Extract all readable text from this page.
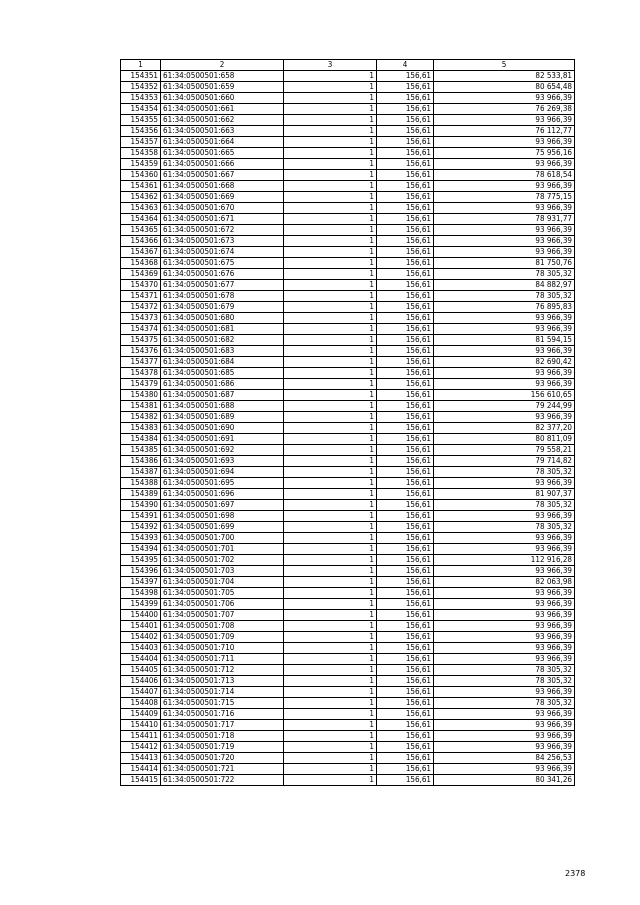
1	2	3	4	5
154351	61:34:0500501:658	1	156,61	82 533,81
154352	61:34:0500501:659	1	156,61	80 654,48
154353	61:34:0500501:660	1	156,61	93 966,39
154354	61:34:0500501:661	1	156,61	76 269,38
154355	61:34:0500501:662	1	156,61	93 966,39
154356	61:34:0500501:663	1	156,61	76 112,77
154357	61:34:0500501:664	1	156,61	93 966,39
154358	61:34:0500501:665	1	156,61	75 956,16
154359	61:34:0500501:666	1	156,61	93 966,39
154360	61:34:0500501:667	1	156,61	78 618,54
154361	61:34:0500501:668	1	156,61	93 966,39
154362	61:34:0500501:669	1	156,61	78 775,15
154363	61:34:0500501:670	1	156,61	93 966,39
154364	61:34:0500501:671	1	156,61	78 931,77
154365	61:34:0500501:672	1	156,61	93 966,39
154366	61:34:0500501:673	1	156,61	93 966,39
154367	61:34:0500501:674	1	156,61	93 966,39
154368	61:34:0500501:675	1	156,61	81 750,76
154369	61:34:0500501:676	1	156,61	78 305,32
154370	61:34:0500501:677	1	156,61	84 882,97
154371	61:34:0500501:678	1	156,61	78 305,32
154372	61:34:0500501:679	1	156,61	76 895,83
154373	61:34:0500501:680	1	156,61	93 966,39
154374	61:34:0500501:681	1	156,61	93 966,39
154375	61:34:0500501:682	1	156,61	81 594,15
154376	61:34:0500501:683	1	156,61	93 966,39
154377	61:34:0500501:684	1	156,61	82 690,42
154378	61:34:0500501:685	1	156,61	93 966,39
154379	61:34:0500501:686	1	156,61	93 966,39
154380	61:34:0500501:687	1	156,61	156 610,65
154381	61:34:0500501:688	1	156,61	79 244,99
154382	61:34:0500501:689	1	156,61	93 966,39
154383	61:34:0500501:690	1	156,61	82 377,20
154384	61:34:0500501:691	1	156,61	80 811,09
154385	61:34:0500501:692	1	156,61	79 558,21
154386	61:34:0500501:693	1	156,61	79 714,82
154387	61:34:0500501:694	1	156,61	78 305,32
154388	61:34:0500501:695	1	156,61	93 966,39
154389	61:34:0500501:696	1	156,61	81 907,37
154390	61:34:0500501:697	1	156,61	78 305,32
154391	61:34:0500501:698	1	156,61	93 966,39
154392	61:34:0500501:699	1	156,61	78 305,32
154393	61:34:0500501:700	1	156,61	93 966,39
154394	61:34:0500501:701	1	156,61	93 966,39
154395	61:34:0500501:702	1	156,61	112 916,28
154396	61:34:0500501:703	1	156,61	93 966,39
154397	61:34:0500501:704	1	156,61	82 063,98
154398	61:34:0500501:705	1	156,61	93 966,39
154399	61:34:0500501:706	1	156,61	93 966,39
154400	61:34:0500501:707	1	156,61	93 966,39
154401	61:34:0500501:708	1	156,61	93 966,39
154402	61:34:0500501:709	1	156,61	93 966,39
154403	61:34:0500501:710	1	156,61	93 966,39
154404	61:34:0500501:711	1	156,61	93 966,39
154405	61:34:0500501:712	1	156,61	78 305,32
154406	61:34:0500501:713	1	156,61	78 305,32
154407	61:34:0500501:714	1	156,61	93 966,39
154408	61:34:0500501:715	1	156,61	78 305,32
154409	61:34:0500501:716	1	156,61	93 966,39
154410	61:34:0500501:717	1	156,61	93 966,39
154411	61:34:0500501:718	1	156,61	93 966,39
154412	61:34:0500501:719	1	156,61	93 966,39
154413	61:34:0500501:720	1	156,61	84 256,53
154414	61:34:0500501:721	1	156,61	93 966,39
154415	61:34:0500501:722	1	156,61	80 341,26
2378
